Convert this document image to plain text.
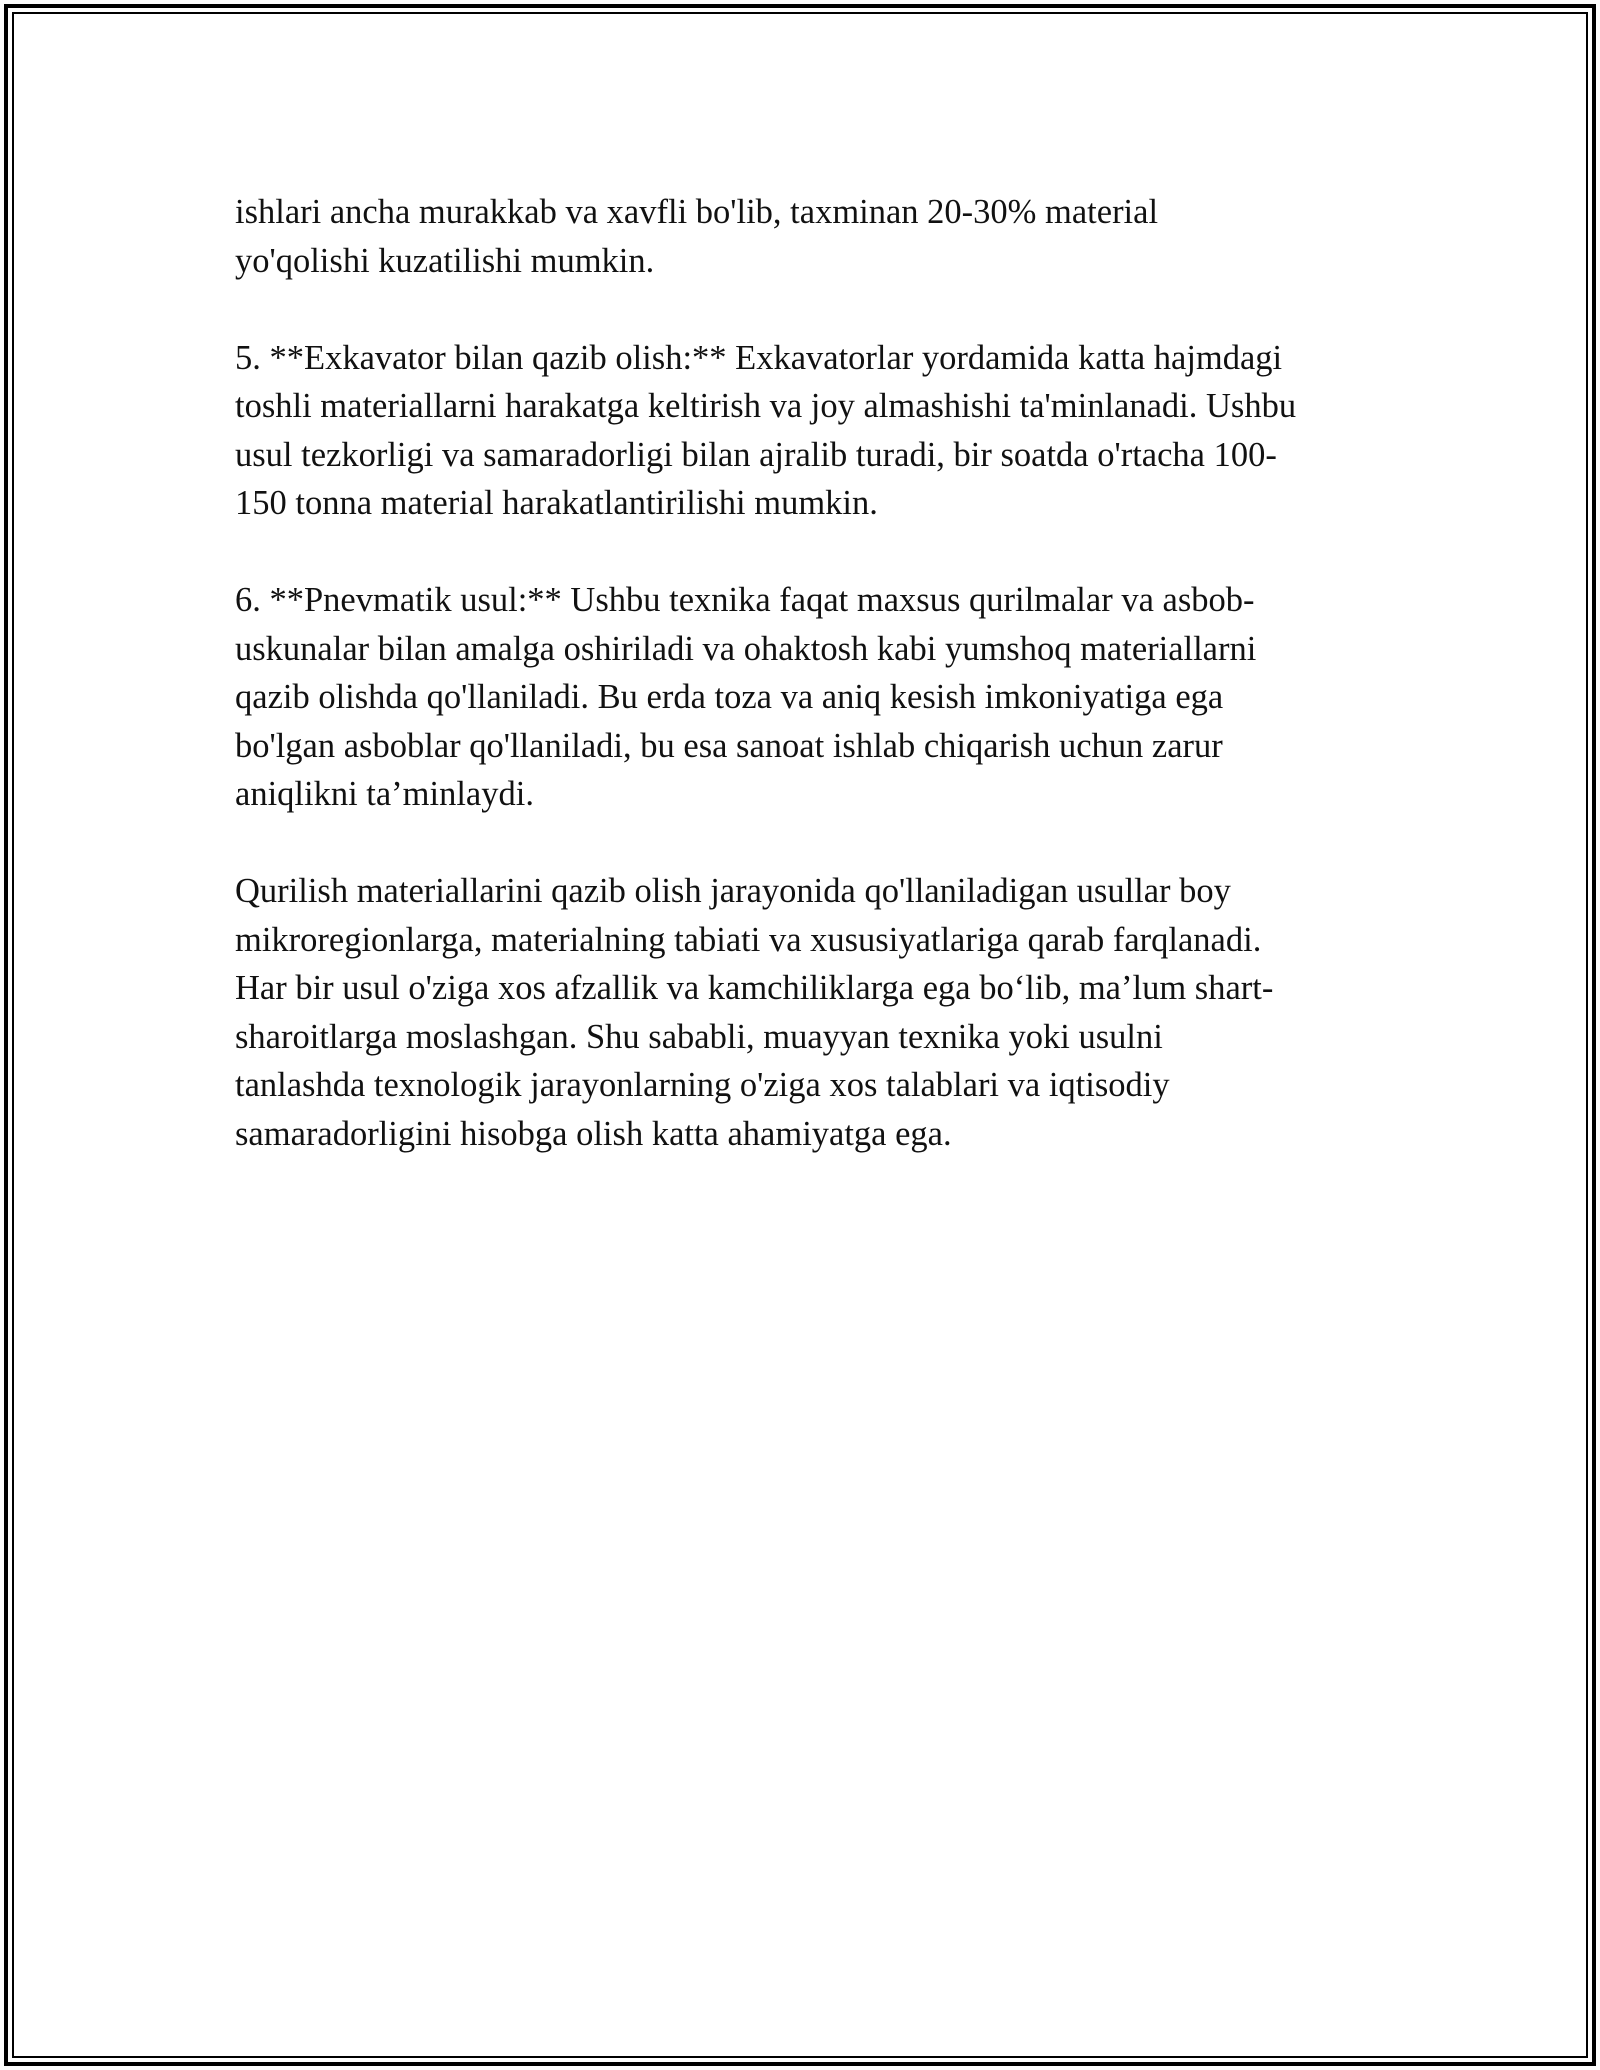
ishlari ancha murakkab va xavfli bo'lib, taxminan 20-30% material
yo'qolishi kuzatilishi mumkin.

5. **Exkavator bilan qazib olish:** Exkavatorlar yordamida katta hajmdagi
toshli materiallarni harakatga keltirish va joy almashishi ta'minlanadi. Ushbu
usul tezkorligi va samaradorligi bilan ajralib turadi, bir soatda o'rtacha 100-
150 tonna material harakatlantirilishi mumkin.

6. **Pnevmatik usul:** Ushbu texnika faqat maxsus qurilmalar va asbob-
uskunalar bilan amalga oshiriladi va ohaktosh kabi yumshoq materiallarni
qazib olishda qo'llaniladi. Bu erda toza va aniq kesish imkoniyatiga ega
bo'lgan asboblar qo'llaniladi, bu esa sanoat ishlab chiqarish uchun zarur
aniqlikni ta’minlaydi.

Qurilish materiallarini qazib olish jarayonida qo'llaniladigan usullar boy
mikroregionlarga, materialning tabiati va xususiyatlariga qarab farqlanadi.
Har bir usul o'ziga xos afzallik va kamchiliklarga ega bo‘lib, ma’lum shart-
sharoitlarga moslashgan. Shu sababli, muayyan texnika yoki usulni
tanlashda texnologik jarayonlarning o'ziga xos talablari va iqtisodiy
samaradorligini hisobga olish katta ahamiyatga ega.
